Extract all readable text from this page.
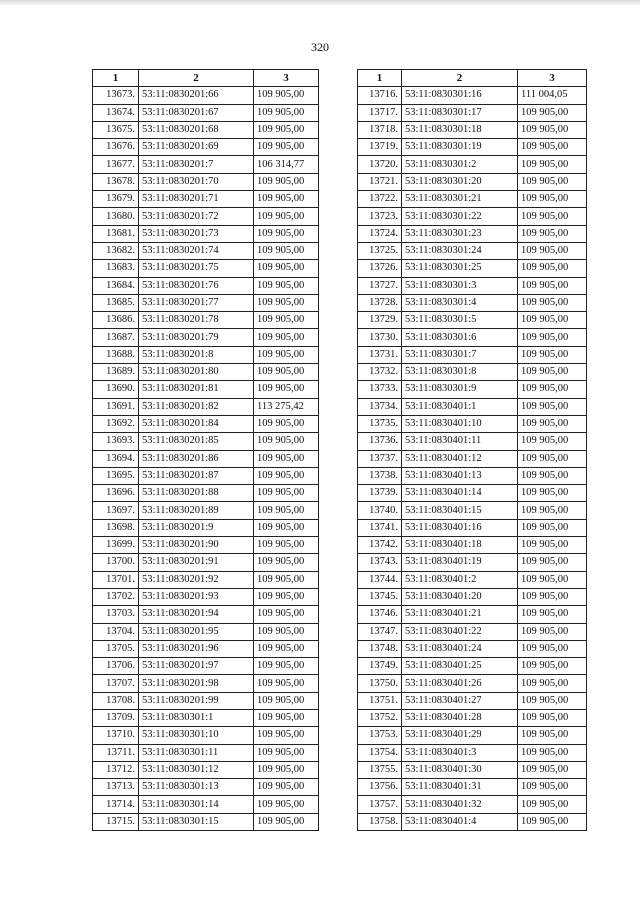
320
1	2	3
13673.	53:11:0830201:66	109 905,00
13674.	53:11:0830201:67	109 905,00
13675.	53:11:0830201:68	109 905,00
13676.	53:11:0830201:69	109 905,00
13677.	53:11:0830201:7	106 314,77
13678.	53:11:0830201:70	109 905,00
13679.	53:11:0830201:71	109 905,00
13680.	53:11:0830201:72	109 905,00
13681.	53:11:0830201:73	109 905,00
13682.	53:11:0830201:74	109 905,00
13683.	53:11:0830201:75	109 905,00
13684.	53:11:0830201:76	109 905,00
13685.	53:11:0830201:77	109 905,00
13686.	53:11:0830201:78	109 905,00
13687.	53:11:0830201:79	109 905,00
13688.	53:11:0830201:8	109 905,00
13689.	53:11:0830201:80	109 905,00
13690.	53:11:0830201:81	109 905,00
13691.	53:11:0830201:82	113 275,42
13692.	53:11:0830201:84	109 905,00
13693.	53:11:0830201:85	109 905,00
13694.	53:11:0830201:86	109 905,00
13695.	53:11:0830201:87	109 905,00
13696.	53:11:0830201:88	109 905,00
13697.	53:11:0830201:89	109 905,00
13698.	53:11:0830201:9	109 905,00
13699.	53:11:0830201:90	109 905,00
13700.	53:11:0830201:91	109 905,00
13701.	53:11:0830201:92	109 905,00
13702.	53:11:0830201:93	109 905,00
13703.	53:11:0830201:94	109 905,00
13704.	53:11:0830201:95	109 905,00
13705.	53:11:0830201:96	109 905,00
13706.	53:11:0830201:97	109 905,00
13707.	53:11:0830201:98	109 905,00
13708.	53:11:0830201:99	109 905,00
13709.	53:11:0830301:1	109 905,00
13710.	53:11:0830301:10	109 905,00
13711.	53:11:0830301:11	109 905,00
13712.	53:11:0830301:12	109 905,00
13713.	53:11:0830301:13	109 905,00
13714.	53:11:0830301:14	109 905,00
13715.	53:11:0830301:15	109 905,00
1	2	3
13716.	53:11:0830301:16	111 004,05
13717.	53:11:0830301:17	109 905,00
13718.	53:11:0830301:18	109 905,00
13719.	53:11:0830301:19	109 905,00
13720.	53:11:0830301:2	109 905,00
13721.	53:11:0830301:20	109 905,00
13722.	53:11:0830301:21	109 905,00
13723.	53:11:0830301:22	109 905,00
13724.	53:11:0830301:23	109 905,00
13725.	53:11:0830301:24	109 905,00
13726.	53:11:0830301:25	109 905,00
13727.	53:11:0830301:3	109 905,00
13728.	53:11:0830301:4	109 905,00
13729.	53:11:0830301:5	109 905,00
13730.	53:11:0830301:6	109 905,00
13731.	53:11:0830301:7	109 905,00
13732.	53:11:0830301:8	109 905,00
13733.	53:11:0830301:9	109 905,00
13734.	53:11:0830401:1	109 905,00
13735.	53:11:0830401:10	109 905,00
13736.	53:11:0830401:11	109 905,00
13737.	53:11:0830401:12	109 905,00
13738.	53:11:0830401:13	109 905,00
13739.	53:11:0830401:14	109 905,00
13740.	53:11:0830401:15	109 905,00
13741.	53:11:0830401:16	109 905,00
13742.	53:11:0830401:18	109 905,00
13743.	53:11:0830401:19	109 905,00
13744.	53:11:0830401:2	109 905,00
13745.	53:11:0830401:20	109 905,00
13746.	53:11:0830401:21	109 905,00
13747.	53:11:0830401:22	109 905,00
13748.	53:11:0830401:24	109 905,00
13749.	53:11:0830401:25	109 905,00
13750.	53:11:0830401:26	109 905,00
13751.	53:11:0830401:27	109 905,00
13752.	53:11:0830401:28	109 905,00
13753.	53:11:0830401:29	109 905,00
13754.	53:11:0830401:3	109 905,00
13755.	53:11:0830401:30	109 905,00
13756.	53:11:0830401:31	109 905,00
13757.	53:11:0830401:32	109 905,00
13758.	53:11:0830401:4	109 905,00
